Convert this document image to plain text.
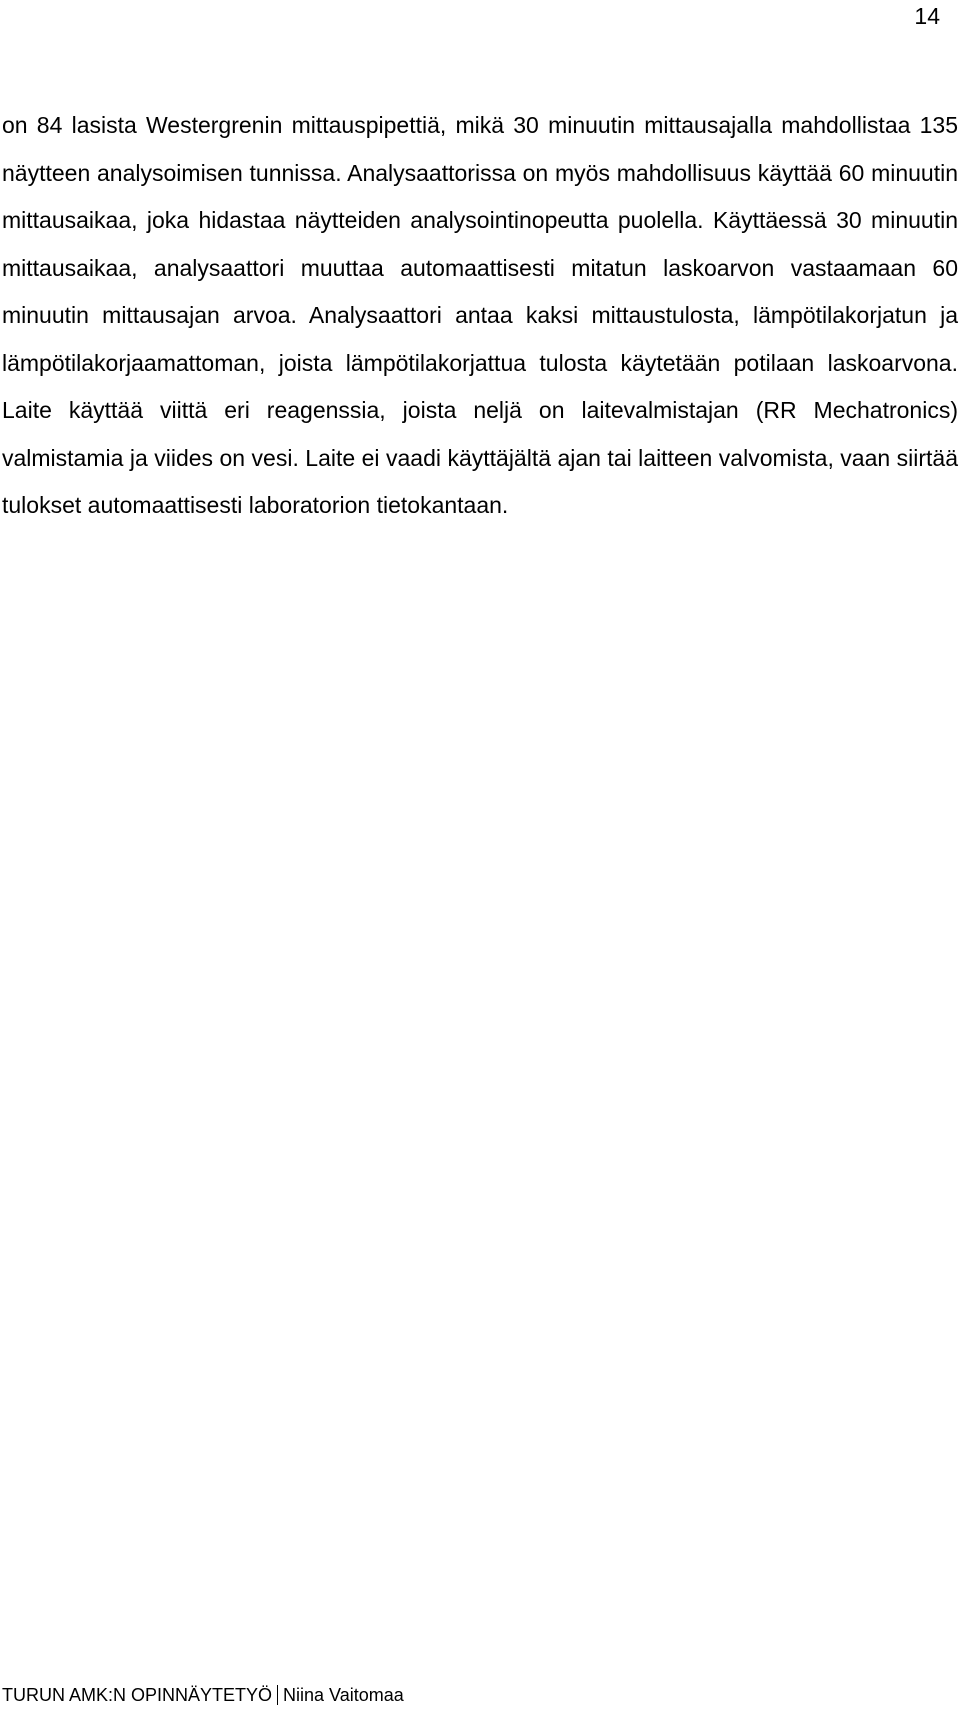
14

on 84 lasista Westergrenin mittauspipettiä, mikä 30 minuutin mittausajalla mahdollistaa 135 näytteen analysoimisen tunnissa. Analysaattorissa on myös mahdollisuus käyttää 60 minuutin mittausaikaa, joka hidastaa näytteiden analysointinopeutta puolella. Käyttäessä 30 minuutin mittausaikaa, analysaattori muuttaa automaattisesti mitatun laskoarvon vastaamaan 60 minuutin mittausajan arvoa. Analysaattori antaa kaksi mittaustulosta, lämpötilakorjatun ja lämpötilakorjaamattoman, joista lämpötilakorjattua tulosta käytetään potilaan laskoarvona. Laite käyttää viittä eri reagenssia, joista neljä on laitevalmistajan (RR Mechatronics) valmistamia ja viides on vesi. Laite ei vaadi käyttäjältä ajan tai laitteen valvomista, vaan siirtää tulokset automaattisesti laboratorion tietokantaan.

TURUN AMK:N OPINNÄYTETYÖ Niina Vaitomaa
